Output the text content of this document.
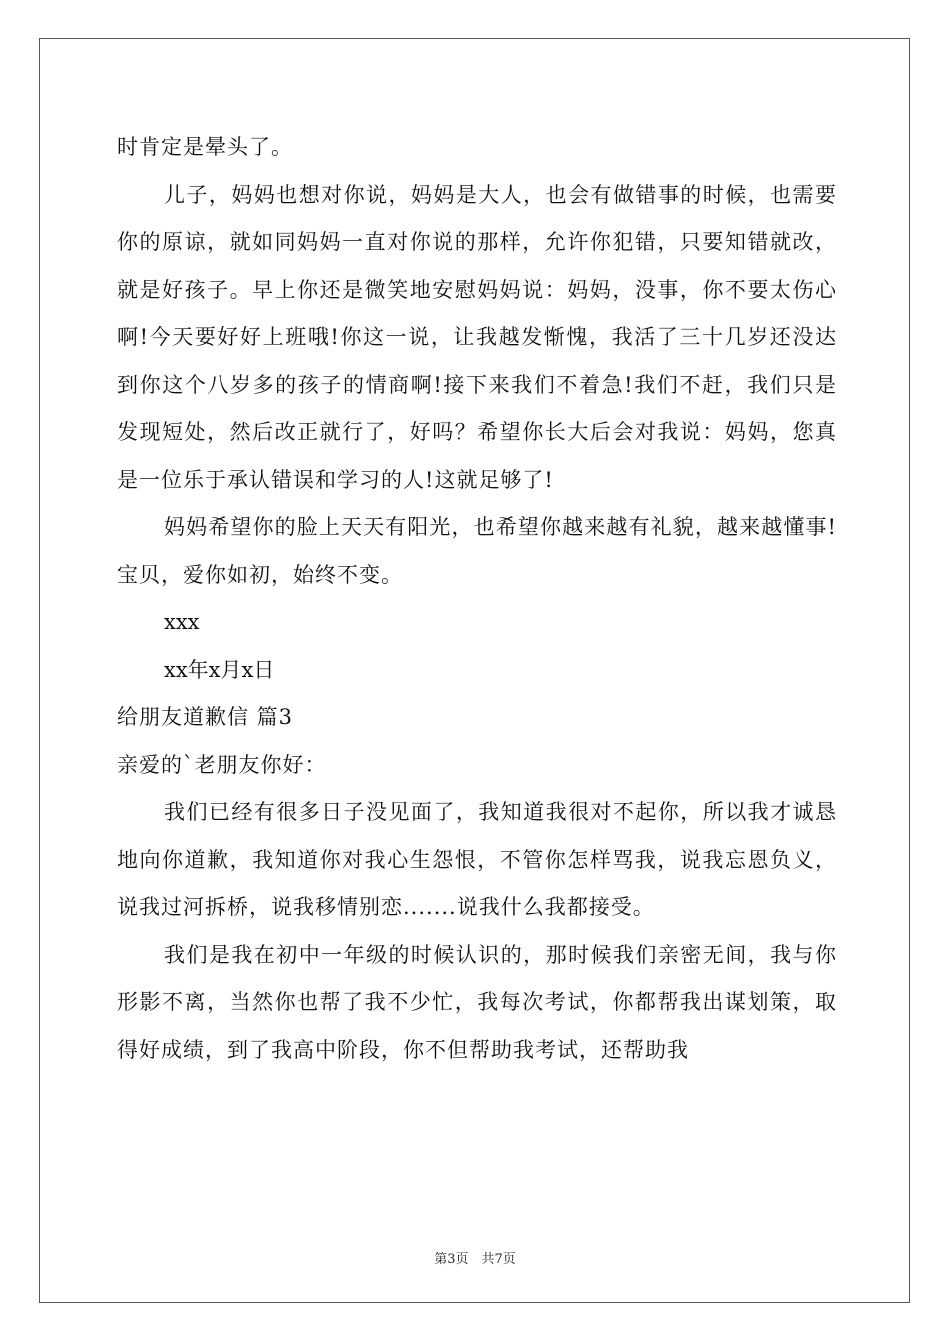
时肯定是晕头了。

儿子，妈妈也想对你说，妈妈是大人，也会有做错事的时候，也需要你的原谅，就如同妈妈一直对你说的那样，允许你犯错，只要知错就改，就是好孩子。早上你还是微笑地安慰妈妈说：妈妈，没事，你不要太伤心啊!今天要好好上班哦!你这一说，让我越发惭愧，我活了三十几岁还没达到你这个八岁多的孩子的情商啊!接下来我们不着急!我们不赶，我们只是发现短处，然后改正就行了，好吗？希望你长大后会对我说：妈妈，您真是一位乐于承认错误和学习的人!这就足够了!

妈妈希望你的脸上天天有阳光，也希望你越来越有礼貌，越来越懂事!宝贝，爱你如初，始终不变。

xxx

xx年x月x日

给朋友道歉信 篇3

亲爱的`老朋友你好：

我们已经有很多日子没见面了，我知道我很对不起你，所以我才诚恳地向你道歉，我知道你对我心生怨恨，不管你怎样骂我，说我忘恩负义，说我过河拆桥，说我移情别恋.......说我什么我都接受。

我们是我在初中一年级的时候认识的，那时候我们亲密无间，我与你形影不离，当然你也帮了我不少忙，我每次考试，你都帮我出谋划策，取得好成绩，到了我高中阶段，你不但帮助我考试，还帮助我

第3页　共7页
